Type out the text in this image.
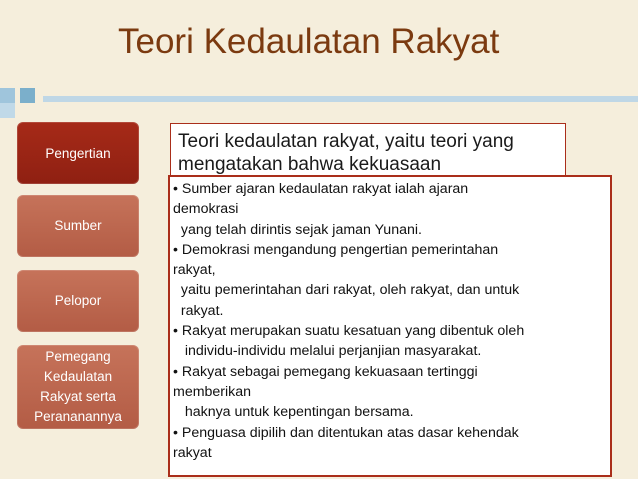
Teori Kedaulatan Rakyat
Pengertian
Sumber
Pelopor
Pemegang
Kedaulatan
Rakyat serta
Perananannya
Teori kedaulatan rakyat, yaitu teori yang mengatakan bahwa kekuasaan
• Sumber ajaran kedaulatan rakyat ialah ajaran
demokrasi
yang telah dirintis sejak jaman Yunani.
• Demokrasi mengandung pengertian pemerintahan
rakyat,
yaitu pemerintahan dari rakyat, oleh rakyat, dan untuk
rakyat.
• Rakyat merupakan suatu kesatuan yang dibentuk oleh
individu-individu melalui perjanjian masyarakat.
• Rakyat sebagai pemegang kekuasaan tertinggi
memberikan
haknya untuk kepentingan bersama.
• Penguasa dipilih dan ditentukan atas dasar kehendak
rakyat
